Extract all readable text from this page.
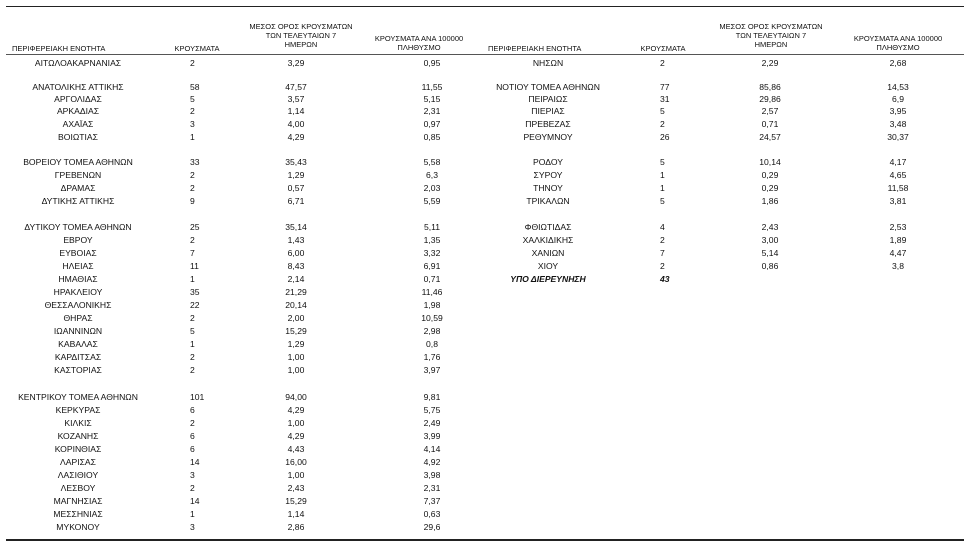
ΠΕΡΙΦΕΡΕΙΑΚΗ ΕΝΟΤΗΤΑ	ΚΡΟΥΣΜΑΤΑ
ΜΕΣΟΣ ΟΡΟΣ ΚΡΟΥΣΜΑΤΩΝ
ΤΩΝ ΤΕΛΕΥΤΑΙΩΝ 7
ΗΜΕΡΩΝ
ΚΡΟΥΣΜΑΤΑ ΑΝΑ 100000
ΠΛΗΘΥΣΜΟ	ΠΕΡΙΦΕΡΕΙΑΚΗ ΕΝΟΤΗΤΑ	ΚΡΟΥΣΜΑΤΑ
ΜΕΣΟΣ ΟΡΟΣ ΚΡΟΥΣΜΑΤΩΝ
ΤΩΝ ΤΕΛΕΥΤΑΙΩΝ 7
ΗΜΕΡΩΝ
ΚΡΟΥΣΜΑΤΑ ΑΝΑ 100000
ΠΛΗΘΥΣΜΟ
ΑΙΤΩΛΟΑΚΑΡΝΑΝΙΑΣ	2	3,29	0,95
ΑΝΑΤΟΛΙΚΗΣ ΑΤΤΙΚΗΣ	58	47,57	11,55
ΑΡΓΟΛΙΔΑΣ	5	3,57	5,15
ΑΡΚΑΔΙΑΣ	2	1,14	2,31
ΑΧΑΪΑΣ	3	4,00	0,97
ΒΟΙΩΤΙΑΣ	1	4,29	0,85
ΒΟΡΕΙΟΥ ΤΟΜΕΑ ΑΘΗΝΩΝ	33	35,43	5,58
ΓΡΕΒΕΝΩΝ	2	1,29	6,3
ΔΡΑΜΑΣ	2	0,57	2,03
ΔΥΤΙΚΗΣ ΑΤΤΙΚΗΣ	9	6,71	5,59
ΔΥΤΙΚΟΥ ΤΟΜΕΑ ΑΘΗΝΩΝ	25	35,14	5,11
ΕΒΡΟΥ	2	1,43	1,35
ΕΥΒΟΙΑΣ	7	6,00	3,32
ΗΛΕΙΑΣ	11	8,43	6,91
ΗΜΑΘΙΑΣ	1	2,14	0,71
ΗΡΑΚΛΕΙΟΥ	35	21,29	11,46
ΘΕΣΣΑΛΟΝΙΚΗΣ	22	20,14	1,98
ΘΗΡΑΣ	2	2,00	10,59
ΙΩΑΝΝΙΝΩΝ	5	15,29	2,98
ΚΑΒΑΛΑΣ	1	1,29	0,8
ΚΑΡΔΙΤΣΑΣ	2	1,00	1,76
ΚΑΣΤΟΡΙΑΣ	2	1,00	3,97
ΚΕΝΤΡΙΚΟΥ ΤΟΜΕΑ ΑΘΗΝΩΝ	101	94,00	9,81
ΚΕΡΚΥΡΑΣ	6	4,29	5,75
ΚΙΛΚΙΣ	2	1,00	2,49
ΚΟΖΑΝΗΣ	6	4,29	3,99
ΚΟΡΙΝΘΙΑΣ	6	4,43	4,14
ΛΑΡΙΣΑΣ	14	16,00	4,92
ΛΑΣΙΘΙΟΥ	3	1,00	3,98
ΛΕΣΒΟΥ	2	2,43	2,31
ΜΑΓΝΗΣΙΑΣ	14	15,29	7,37
ΜΕΣΣΗΝΙΑΣ	1	1,14	0,63
ΜΥΚΟΝΟΥ	3	2,86	29,6
ΝΗΣΩΝ	2	2,29	2,68
ΝΟΤΙΟΥ ΤΟΜΕΑ ΑΘΗΝΩΝ	77	85,86	14,53
ΠΕΙΡΑΙΩΣ	31	29,86	6,9
ΠΙΕΡΙΑΣ	5	2,57	3,95
ΠΡΕΒΕΖΑΣ	2	0,71	3,48
ΡΕΘΥΜΝΟΥ	26	24,57	30,37
ΡΟΔΟΥ	5	10,14	4,17
ΣΥΡΟΥ	1	0,29	4,65
ΤΗΝΟΥ	1	0,29	11,58
ΤΡΙΚΑΛΩΝ	5	1,86	3,81
ΦΘΙΩΤΙΔΑΣ	4	2,43	2,53
ΧΑΛΚΙΔΙΚΗΣ	2	3,00	1,89
ΧΑΝΙΩΝ	7	5,14	4,47
ΧΙΟΥ	2	0,86	3,8
ΥΠΟ ΔΙΕΡΕΥΝΗΣΗ	43
